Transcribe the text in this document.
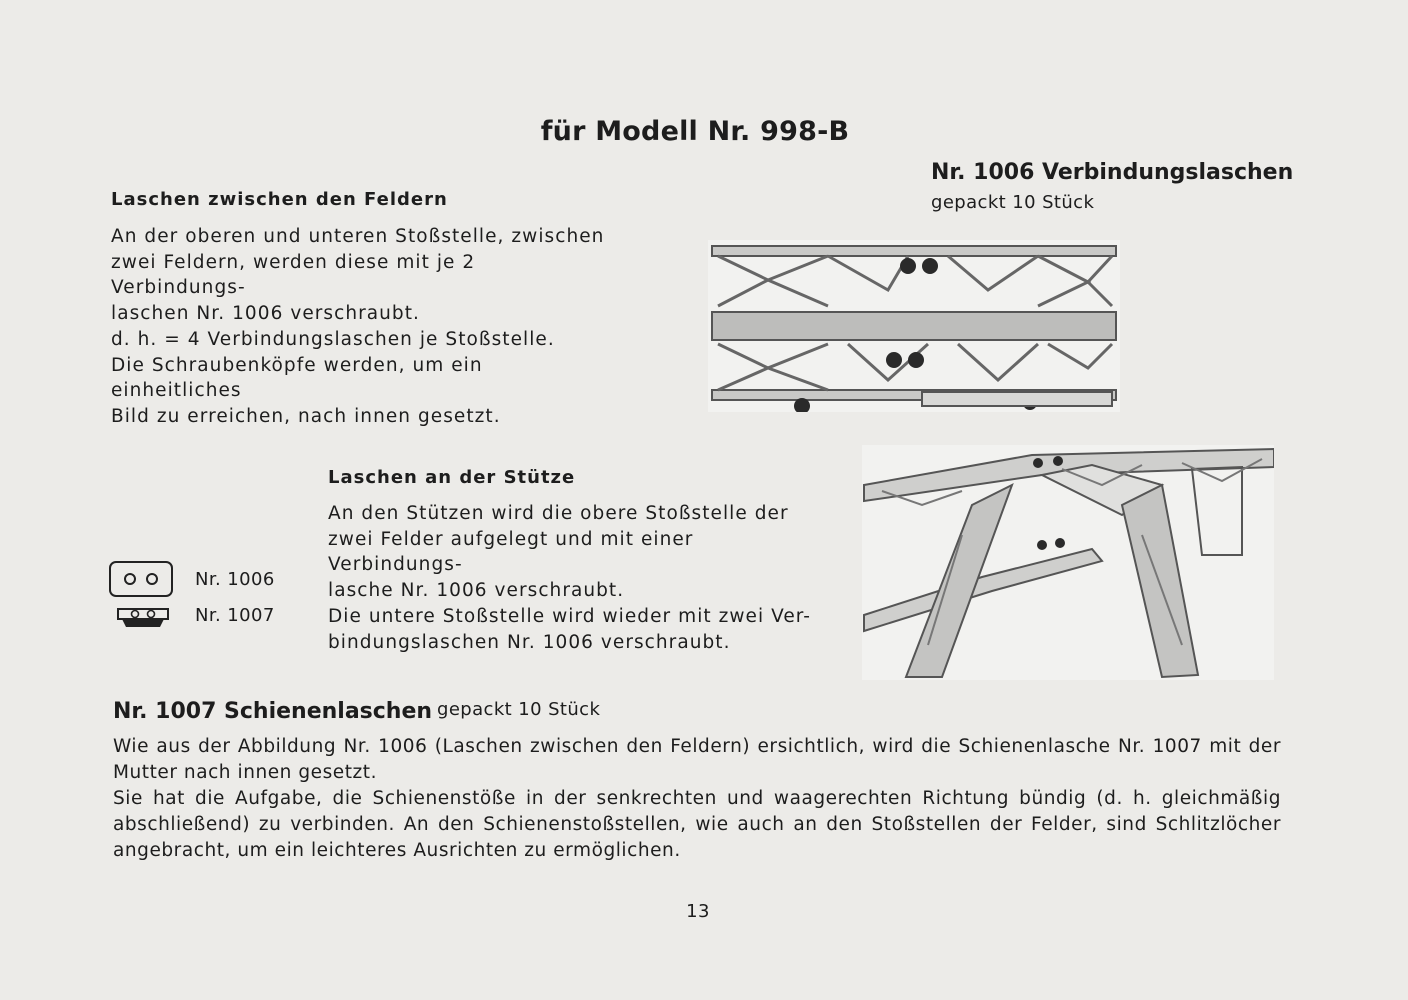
für Modell Nr. 998-B
Nr. 1006 Verbindungslaschen
gepackt 10 Stück
Laschen zwischen den Feldern
An der oberen und unteren Stoßstelle, zwischen
zwei Feldern, werden diese mit je 2 Verbindungs-
laschen Nr. 1006 verschraubt.
d. h. = 4 Verbindungslaschen je Stoßstelle.
Die Schraubenköpfe werden, um ein einheitliches
Bild zu erreichen, nach innen gesetzt.
Laschen an der Stütze
An den Stützen wird die obere Stoßstelle der
zwei Felder aufgelegt und mit einer Verbindungs-
lasche Nr. 1006 verschraubt.
Die untere Stoßstelle wird wieder mit zwei Ver-
bindungslaschen Nr. 1006 verschraubt.
Nr. 1006
Nr. 1007
Nr. 1007 Schienenlaschen gepackt 10 Stück

Wie aus der Abbildung Nr. 1006 (Laschen zwischen den Feldern) ersichtlich, wird die Schienenlasche Nr. 1007 mit der Mutter nach innen gesetzt.

Sie hat die Aufgabe, die Schienenstöße in der senkrechten und waagerechten Richtung bündig (d. h. gleichmäßig abschließend) zu verbinden. An den Schienenstoßstellen, wie auch an den Stoßstellen der Felder, sind Schlitzlöcher angebracht, um ein leichteres Ausrichten zu ermöglichen.

13
